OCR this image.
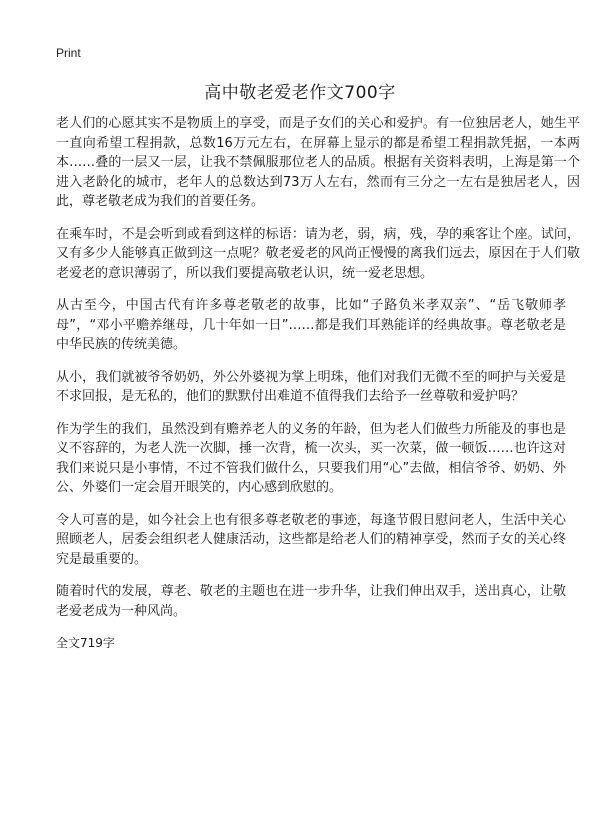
Print
高中敬老爱老作文700字

老人们的心愿其实不是物质上的享受，而是子女们的关心和爱护。有一位独居老人，她生平一直向希望工程捐款，总数16万元左右，在屏幕上显示的都是希望工程捐款凭据，一本两本……叠的一层又一层，让我不禁佩服那位老人的品质。根据有关资料表明，上海是第一个进入老龄化的城市，老年人的总数达到73万人左右，然而有三分之一左右是独居老人，因此，尊老敬老成为我们的首要任务。

在乘车时，不是会听到或看到这样的标语：请为老，弱，病，残，孕的乘客让个座。试问，又有多少人能够真正做到这一点呢？敬老爱老的风尚正慢慢的离我们远去，原因在于人们敬老爱老的意识薄弱了，所以我们要提高敬老认识，统一爱老思想。

从古至今，中国古代有许多尊老敬老的故事，比如“子路负米孝双亲”、“岳飞敬师孝母”，“邓小平赡养继母，几十年如一日”……都是我们耳熟能详的经典故事。尊老敬老是中华民族的传统美德。

从小，我们就被爷爷奶奶，外公外婆视为掌上明珠，他们对我们无微不至的呵护与关爱是不求回报，是无私的，他们的默默付出难道不值得我们去给予一丝尊敬和爱护吗？

作为学生的我们，虽然没到有赡养老人的义务的年龄，但为老人们做些力所能及的事也是义不容辞的，为老人洗一次脚，捶一次背，梳一次头，买一次菜，做一顿饭……也许这对我们来说只是小事情，不过不管我们做什么，只要我们用“心”去做，相信爷爷、奶奶、外公、外婆们一定会眉开眼笑的，内心感到欣慰的。

令人可喜的是，如今社会上也有很多尊老敬老的事迹，每逢节假日慰问老人，生活中关心照顾老人，居委会组织老人健康活动，这些都是给老人们的精神享受，然而子女的关心终究是最重要的。

随着时代的发展，尊老、敬老的主题也在进一步升华，让我们伸出双手，送出真心，让敬老爱老成为一种风尚。

全文719字
